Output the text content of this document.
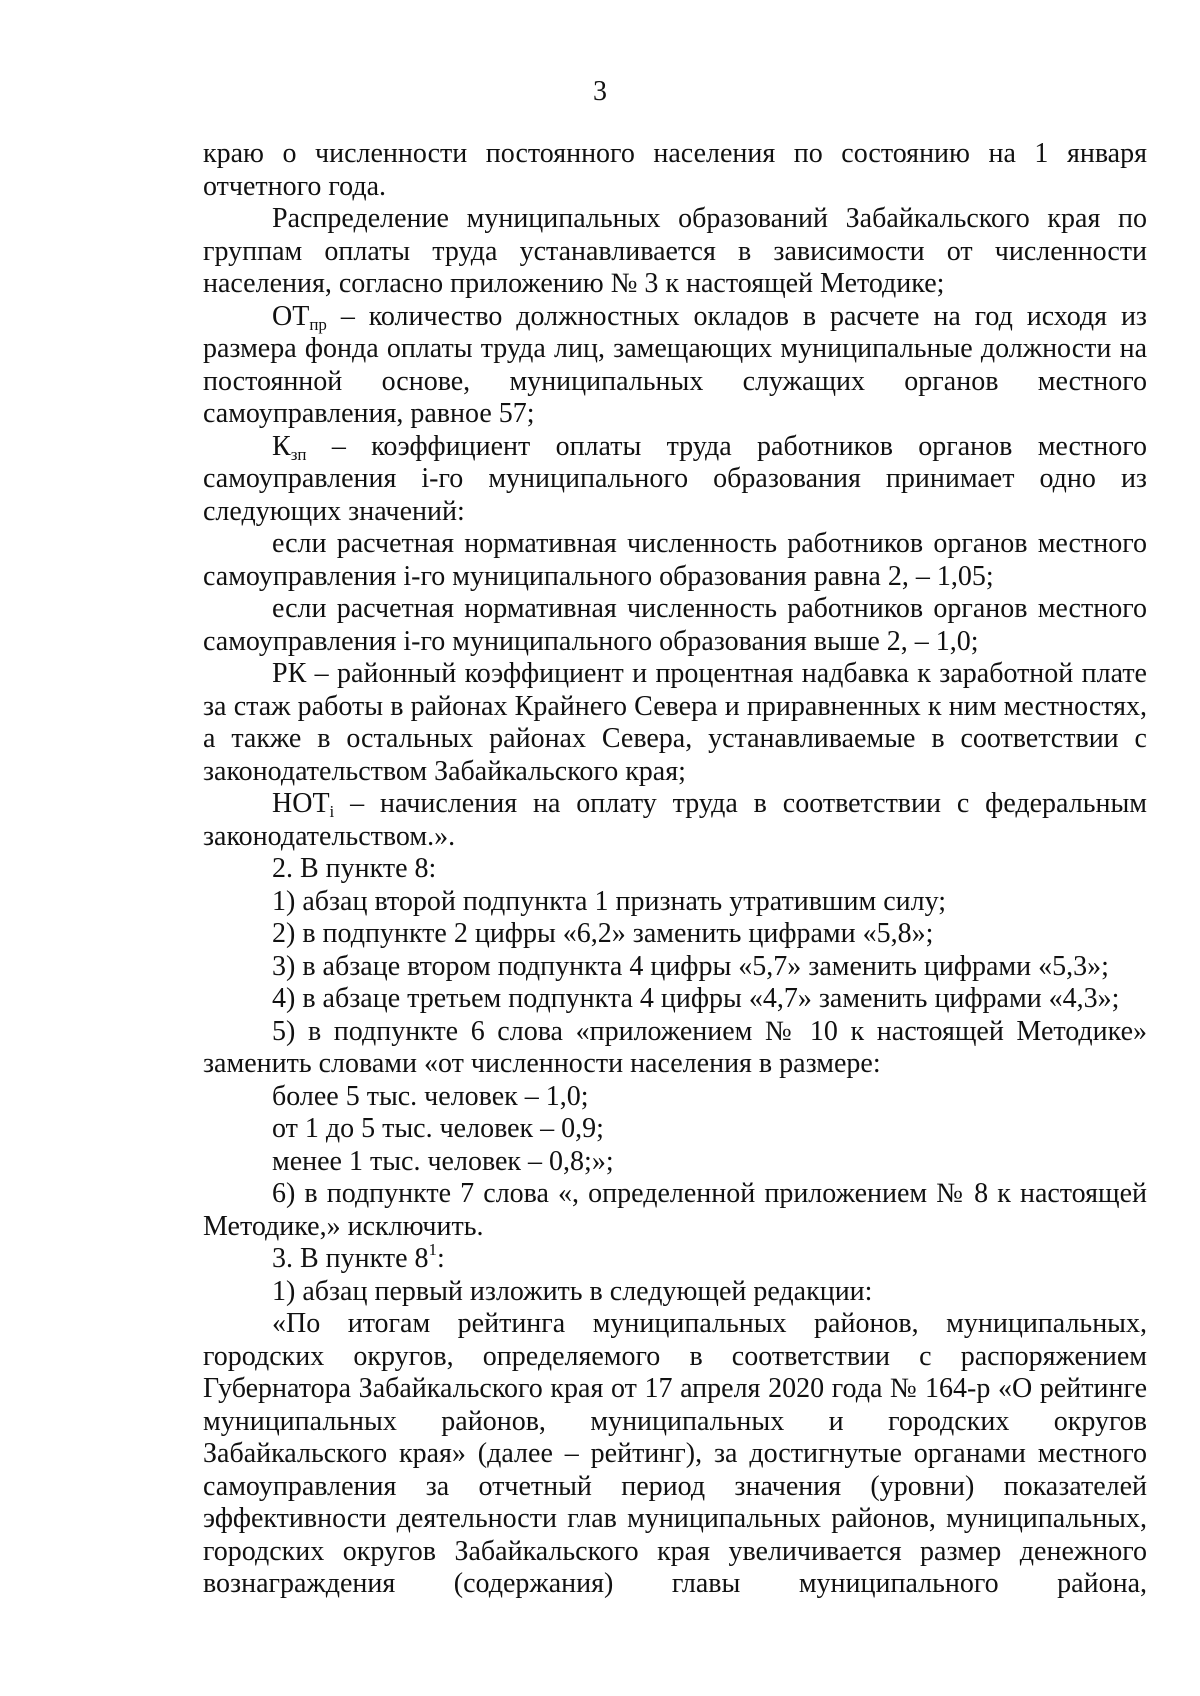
3

краю о численности постоянного населения по состоянию на 1 января отчетного года.

Распределение муниципальных образований Забайкальского края по группам оплаты труда устанавливается в зависимости от численности населения, согласно приложению № 3 к настоящей Методике;

$ОТ_{пр}$ – количество должностных окладов в расчете на год исходя из размера фонда оплаты труда лиц, замещающих муниципальные должности на постоянной основе, муниципальных служащих органов местного самоуправления, равное 57;

$К_{зп}$ – коэффициент оплаты труда работников органов местного самоуправления i-го муниципального образования принимает одно из следующих значений:

если расчетная нормативная численность работников органов местного самоуправления i-го муниципального образования равна 2, – 1,05;

если расчетная нормативная численность работников органов местного самоуправления i-го муниципального образования выше 2, – 1,0;

РК – районный коэффициент и процентная надбавка к заработной плате за стаж работы в районах Крайнего Севера и приравненных к ним местностях, а также в остальных районах Севера, устанавливаемые в соответствии с законодательством Забайкальского края;

$НОТ_i$ – начисления на оплату труда в соответствии с федеральным законодательством.».

2. В пункте 8:

1) абзац второй подпункта 1 признать утратившим силу;

2) в подпункте 2 цифры «6,2» заменить цифрами «5,8»;

3) в абзаце втором подпункта 4 цифры «5,7» заменить цифрами «5,3»;

4) в абзаце третьем подпункта 4 цифры «4,7» заменить цифрами «4,3»;

5) в подпункте 6 слова «приложением № 10 к настоящей Методике» заменить словами «от численности населения в размере:

более 5 тыс. человек – 1,0;

от 1 до 5 тыс. человек – 0,9;

менее 1 тыс. человек – 0,8;»;

6) в подпункте 7 слова «, определенной приложением № 8 к настоящей Методике,» исключить.

3. В пункте $8^1$:

1) абзац первый изложить в следующей редакции:

«По итогам рейтинга муниципальных районов, муниципальных, городских округов, определяемого в соответствии с распоряжением Губернатора Забайкальского края от 17 апреля 2020 года № 164-р «О рейтинге муниципальных районов, муниципальных и городских округов Забайкальского края» (далее – рейтинг), за достигнутые органами местного самоуправления за отчетный период значения (уровни) показателей эффективности деятельности глав муниципальных районов, муниципальных, городских округов Забайкальского края увеличивается размер денежного вознаграждения (содержания) главы муниципального района,
